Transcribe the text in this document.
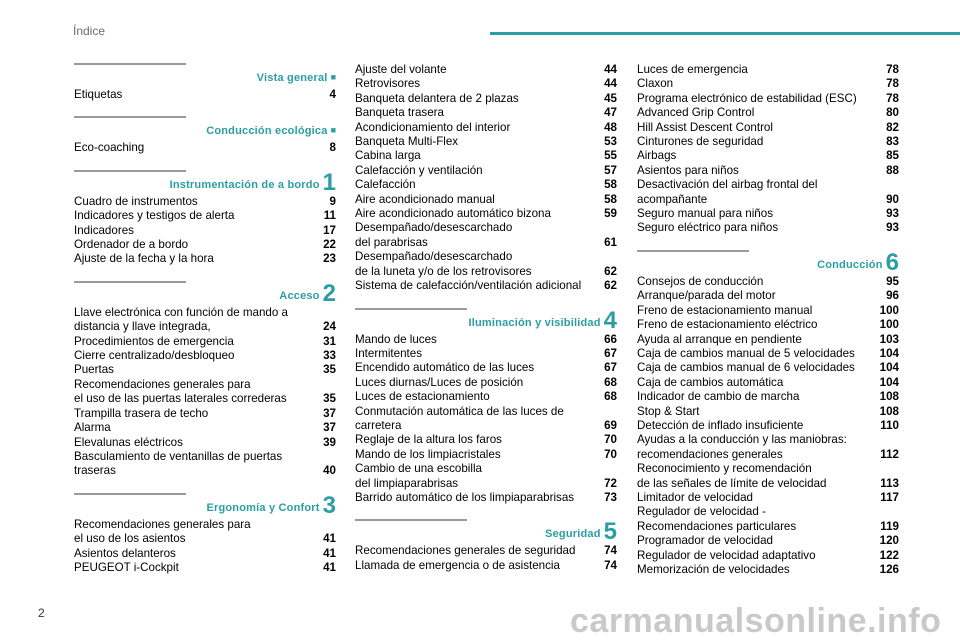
Índice
Vista general ■
Etiquetas	4
Conducción ecológica ■
Eco-coaching	8
Instrumentación de a bordo 1
Cuadro de instrumentos	9
Indicadores y testigos de alerta	11
Indicadores	17
Ordenador de a bordo	22
Ajuste de la fecha y la hora	23
Acceso 2
Llave electrónica con función de mando a
distancia y llave integrada,	24
Procedimientos de emergencia	31
Cierre centralizado/desbloqueo	33
Puertas	35
Recomendaciones generales para
el uso de las puertas laterales correderas	35
Trampilla trasera de techo	37
Alarma	37
Elevalunas eléctricos	39
Basculamiento de ventanillas de puertas
traseras	40
Ergonomía y Confort 3
Recomendaciones generales para
el uso de los asientos	41
Asientos delanteros	41
PEUGEOT i-Cockpit	41
Ajuste del volante	44
Retrovisores	44
Banqueta delantera de 2 plazas	45
Banqueta trasera	47
Acondicionamiento del interior	48
Banqueta Multi-Flex	53
Cabina larga	55
Calefacción y ventilación	57
Calefacción	58
Aire acondicionado manual	58
Aire acondicionado automático bizona	59
Desempañado/desescarchado
del parabrisas	61
Desempañado/desescarchado
de la luneta y/o de los retrovisores	62
Sistema de calefacción/ventilación adicional	62
Iluminación y visibilidad 4
Mando de luces	66
Intermitentes	67
Encendido automático de las luces	67
Luces diurnas/Luces de posición	68
Luces de estacionamiento	68
Conmutación automática de las luces de
carretera	69
Reglaje de la altura los faros	70
Mando de los limpiacristales	70
Cambio de una escobilla
del limpiaparabrisas	72
Barrido automático de los limpiaparabrisas	73
Seguridad 5
Recomendaciones generales de seguridad	74
Llamada de emergencia o de asistencia	74
Luces de emergencia	78
Claxon	78
Programa electrónico de estabilidad (ESC)	78
Advanced Grip Control	80
Hill Assist Descent Control	82
Cinturones de seguridad	83
Airbags	85
Asientos para niños	88
Desactivación del airbag frontal del
acompañante	90
Seguro manual para niños	93
Seguro eléctrico para niños	93
Conducción 6
Consejos de conducción	95
Arranque/parada del motor	96
Freno de estacionamiento manual	100
Freno de estacionamiento eléctrico	100
Ayuda al arranque en pendiente	103
Caja de cambios manual de 5 velocidades	104
Caja de cambios manual de 6 velocidades	104
Caja de cambios automática	104
Indicador de cambio de marcha	108
Stop & Start	108
Detección de inflado insuficiente	110
Ayudas a la conducción y las maniobras:
recomendaciones generales	112
Reconocimiento y recomendación
de las señales de límite de velocidad	113
Limitador de velocidad	117
Regulador de velocidad -
Recomendaciones particulares	119
Programador de velocidad	120
Regulador de velocidad adaptativo	122
Memorización de velocidades	126
2	carmanualsonline.info
